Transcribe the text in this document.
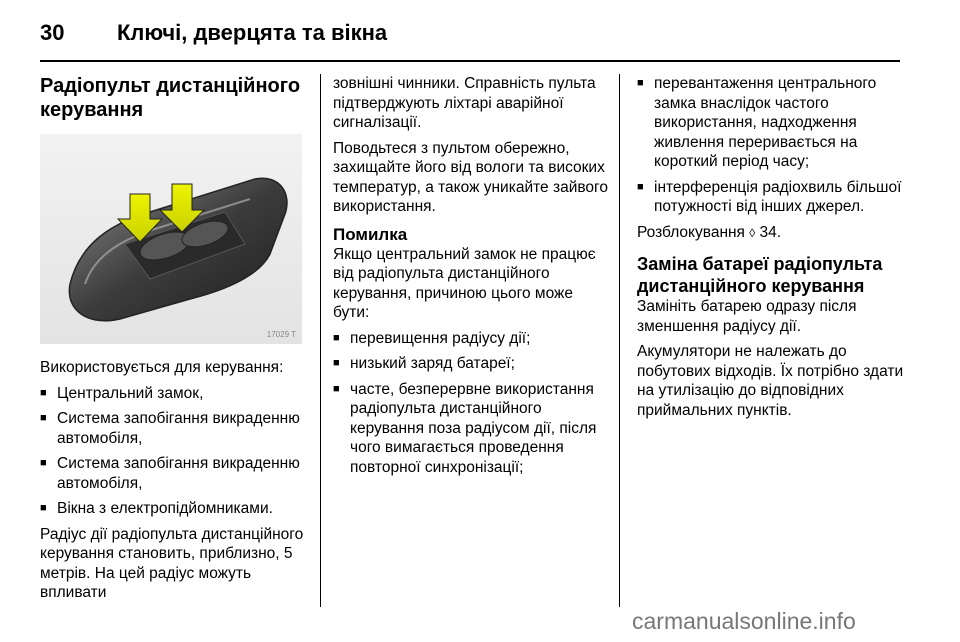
30 Ключі, дверцята та вікна
Радіопульт дистанційного керування
17029 T

Використовується для керування:

■ Центральний замок,
■ Система запобігання викраденню автомобіля,
■ Система запобігання викраденню автомобіля,
■ Вікна з електропідйомниками.

Радіус дії радіопульта дистанційного керування становить, приблизно, 5 метрів. На цей радіус можуть впливати

зовнішні чинники. Справність пульта підтверджують ліхтарі аварійної сигналізації.

Поводьтеся з пультом обережно, захищайте його від вологи та високих температур, а також уникайте зайвого використання.

Помилка

Якщо центральний замок не працює від радіопульта дистанційного керування, причиною цього може бути:

■ перевищення радіусу дії;
■ низький заряд батареї;
■ часте, безперервне використання радіопульта дистанційного керування поза радіусом дії, після чого вимагається проведення повторної синхронізації;
■ перевантаження центрального замка внаслідок частого використання, надходження живлення переривається на короткий період часу;
■ інтерференція радіохвиль більшої потужності від інших джерел.

Розблокування ◊ 34.

Заміна батареї радіопульта дистанційного керування

Замініть батарею одразу після зменшення радіусу дії.

Акумулятори не належать до побутових відходів. Їх потрібно здати на утилізацію до відповідних приймальних пунктів.

carmanualsonline.info
